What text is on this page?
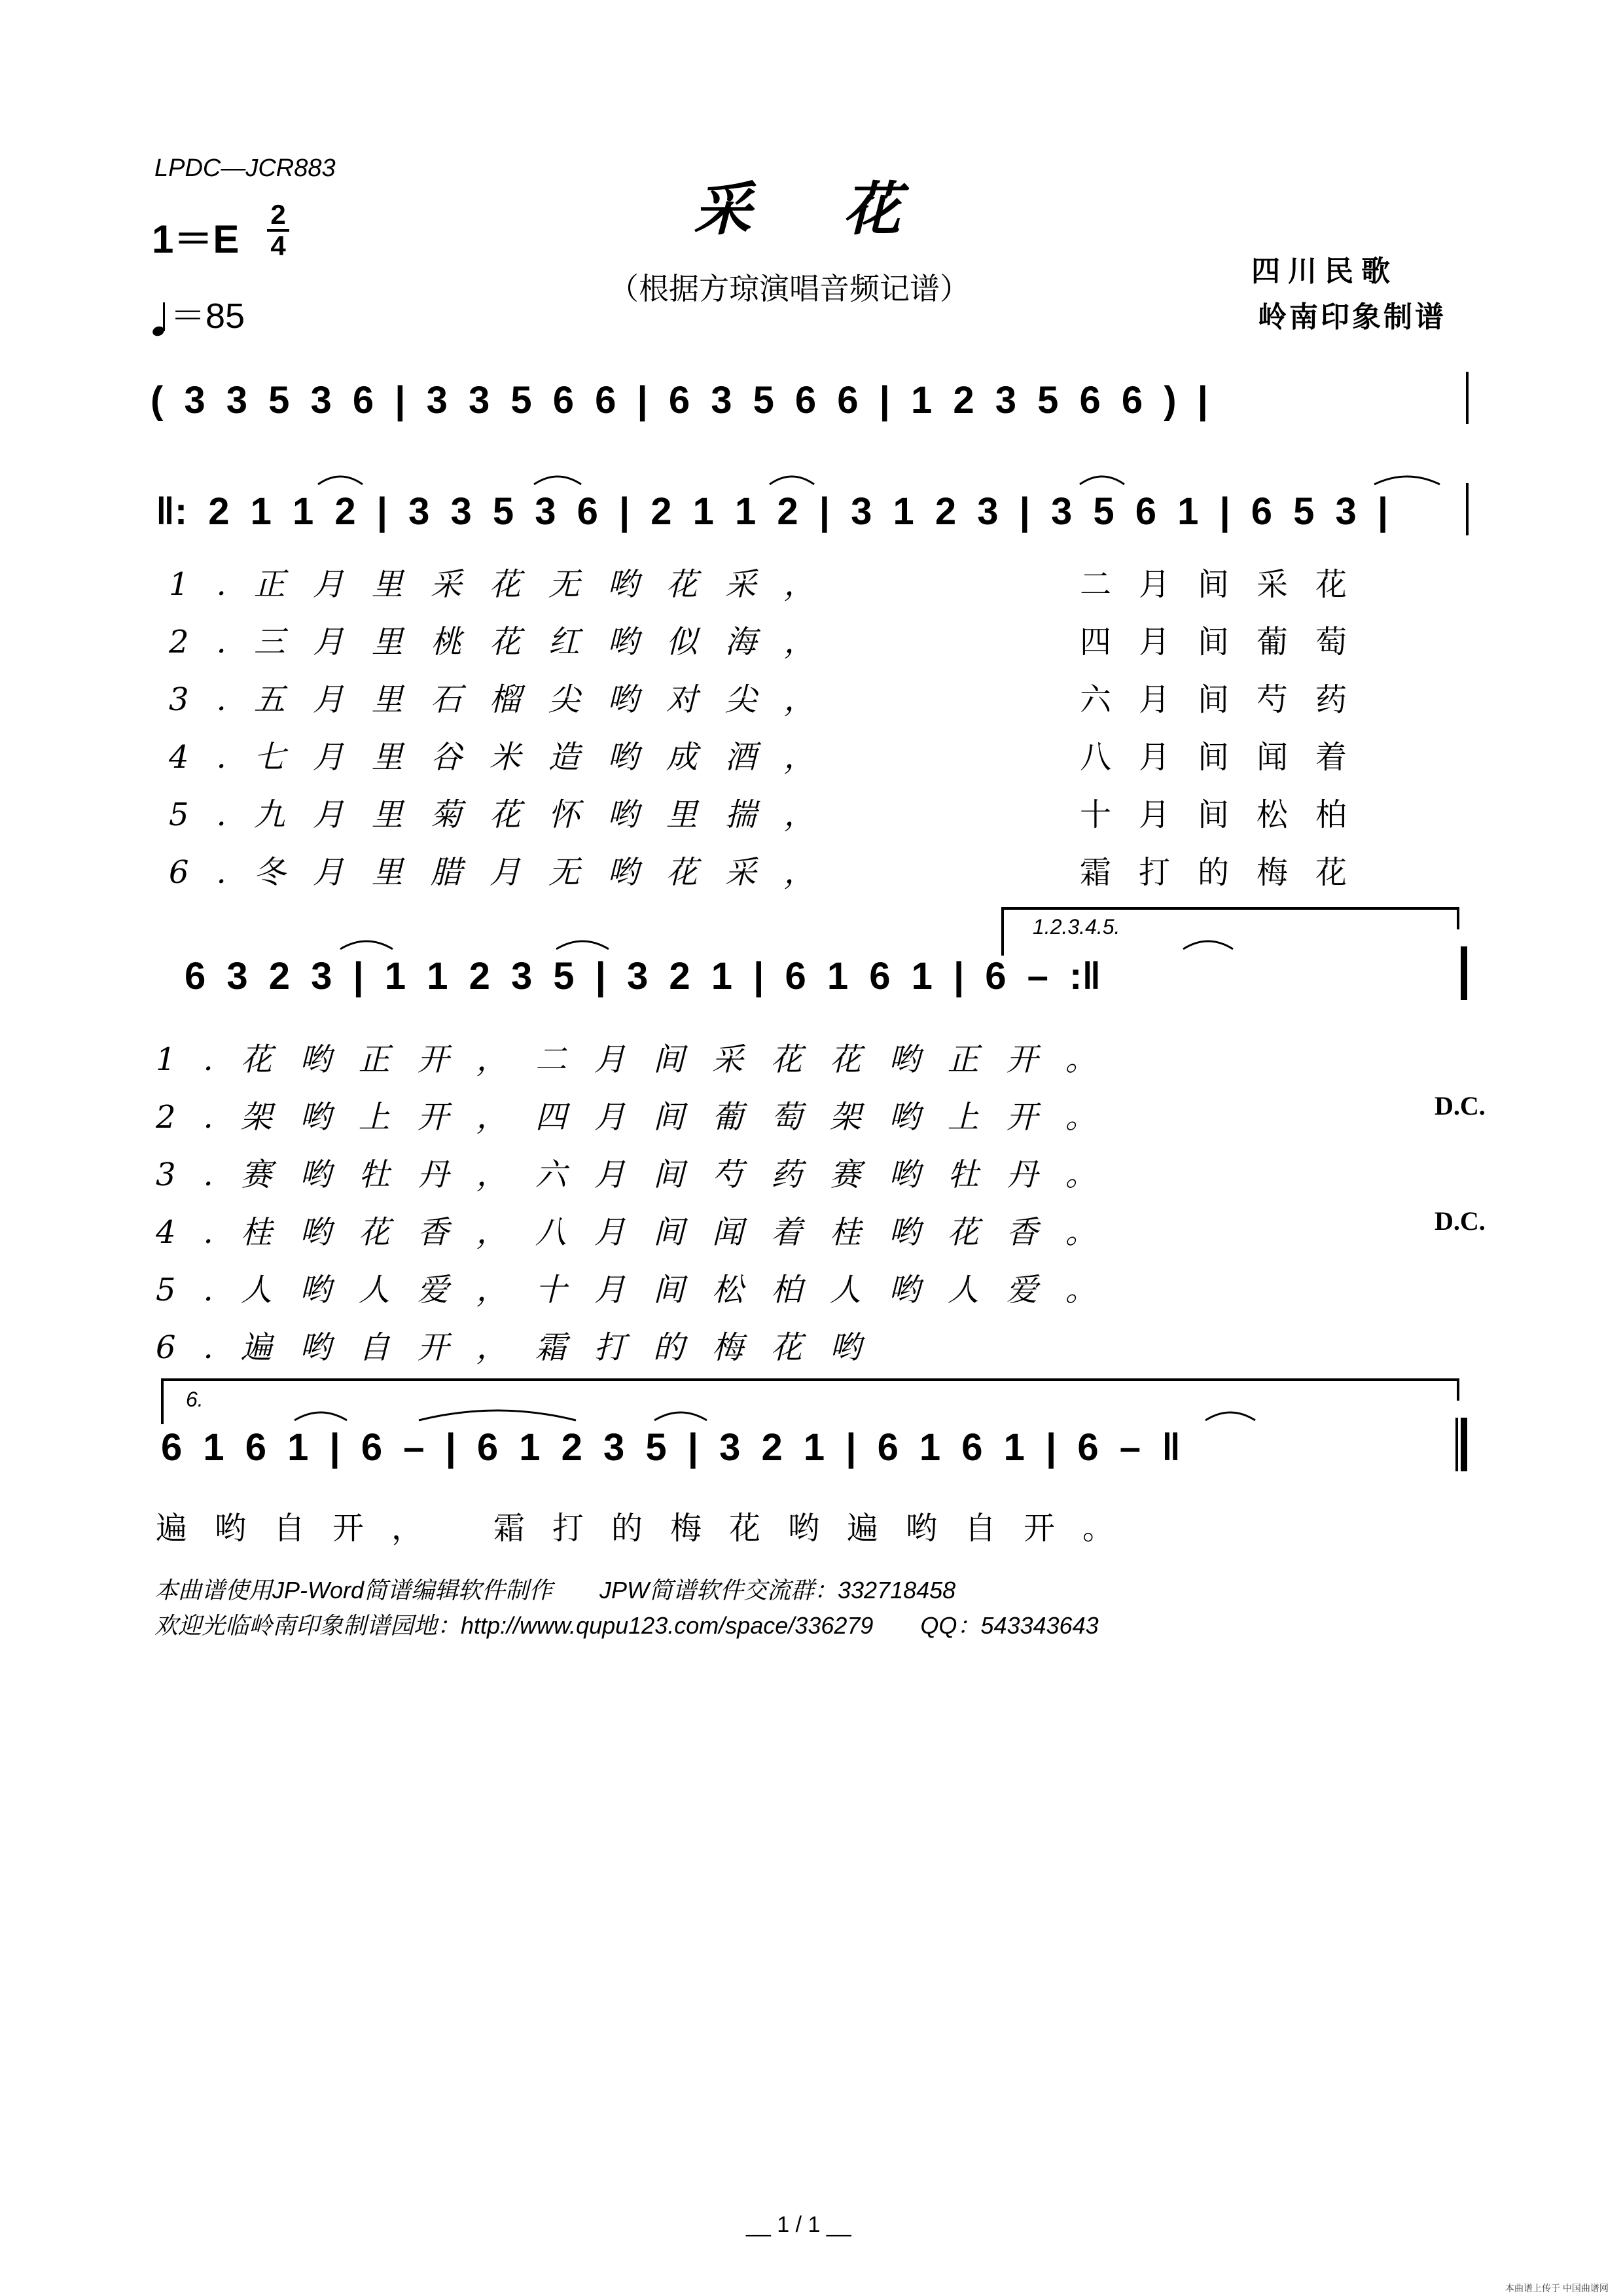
LPDC—JCR883
采花
（根据方琼演唱音频记谱）	四川民歌
岭南印象制谱
1＝E
2
4
＝85
( 3 3 5 3 6 | 3 3 5 6 6 | 6 3 5 6 6 | 1 2 3 5 6 6 ) |
‖: 2 1 1 2 | 3 3 5 3 6 | 2 1 1 2 | 3 1 2 3 | 3 5 6 1 | 6 5 3 |
1.正月里采花无哟花采，
2.三月里桃花红哟似海，
3.五月里石榴尖哟对尖，
4.七月里谷米造哟成酒，
5.九月里菊花怀哟里揣，
6.冬月里腊月无哟花采，
二月间采花
四月间葡萄
六月间芍药
八月间闻着
十月间松柏
霜打的梅花
1.2.3.4.5.
6 3 2 3 | 1 1 2 3 5 | 3 2 1 | 6 1 6 1 | 6 – :‖
1.花哟正开，二月间采花花哟正开。
2.架哟上开，四月间葡萄架哟上开。
3.赛哟牡丹，六月间芍药赛哟牡丹。
4.桂哟花香，八月间闻着桂哟花香。
5.人哟人爱，十月间松柏人哟人爱。
6.遍哟自开，霜打的梅花哟
D.C.
D.C.
6.
6 1 6 1 | 6 – | 6 1 2 3 5 | 3 2 1 | 6 1 6 1 | 6 – ‖
遍哟自开，　霜打的梅花哟遍哟自开。
本曲谱使用JP-Word简谱编辑软件制作　　JPW简谱软件交流群：332718458
欢迎光临岭南印象制谱园地：http://www.qupu123.com/space/336279　　QQ：543343643
__ 1 / 1 __
本曲谱上传于 中国曲谱网
